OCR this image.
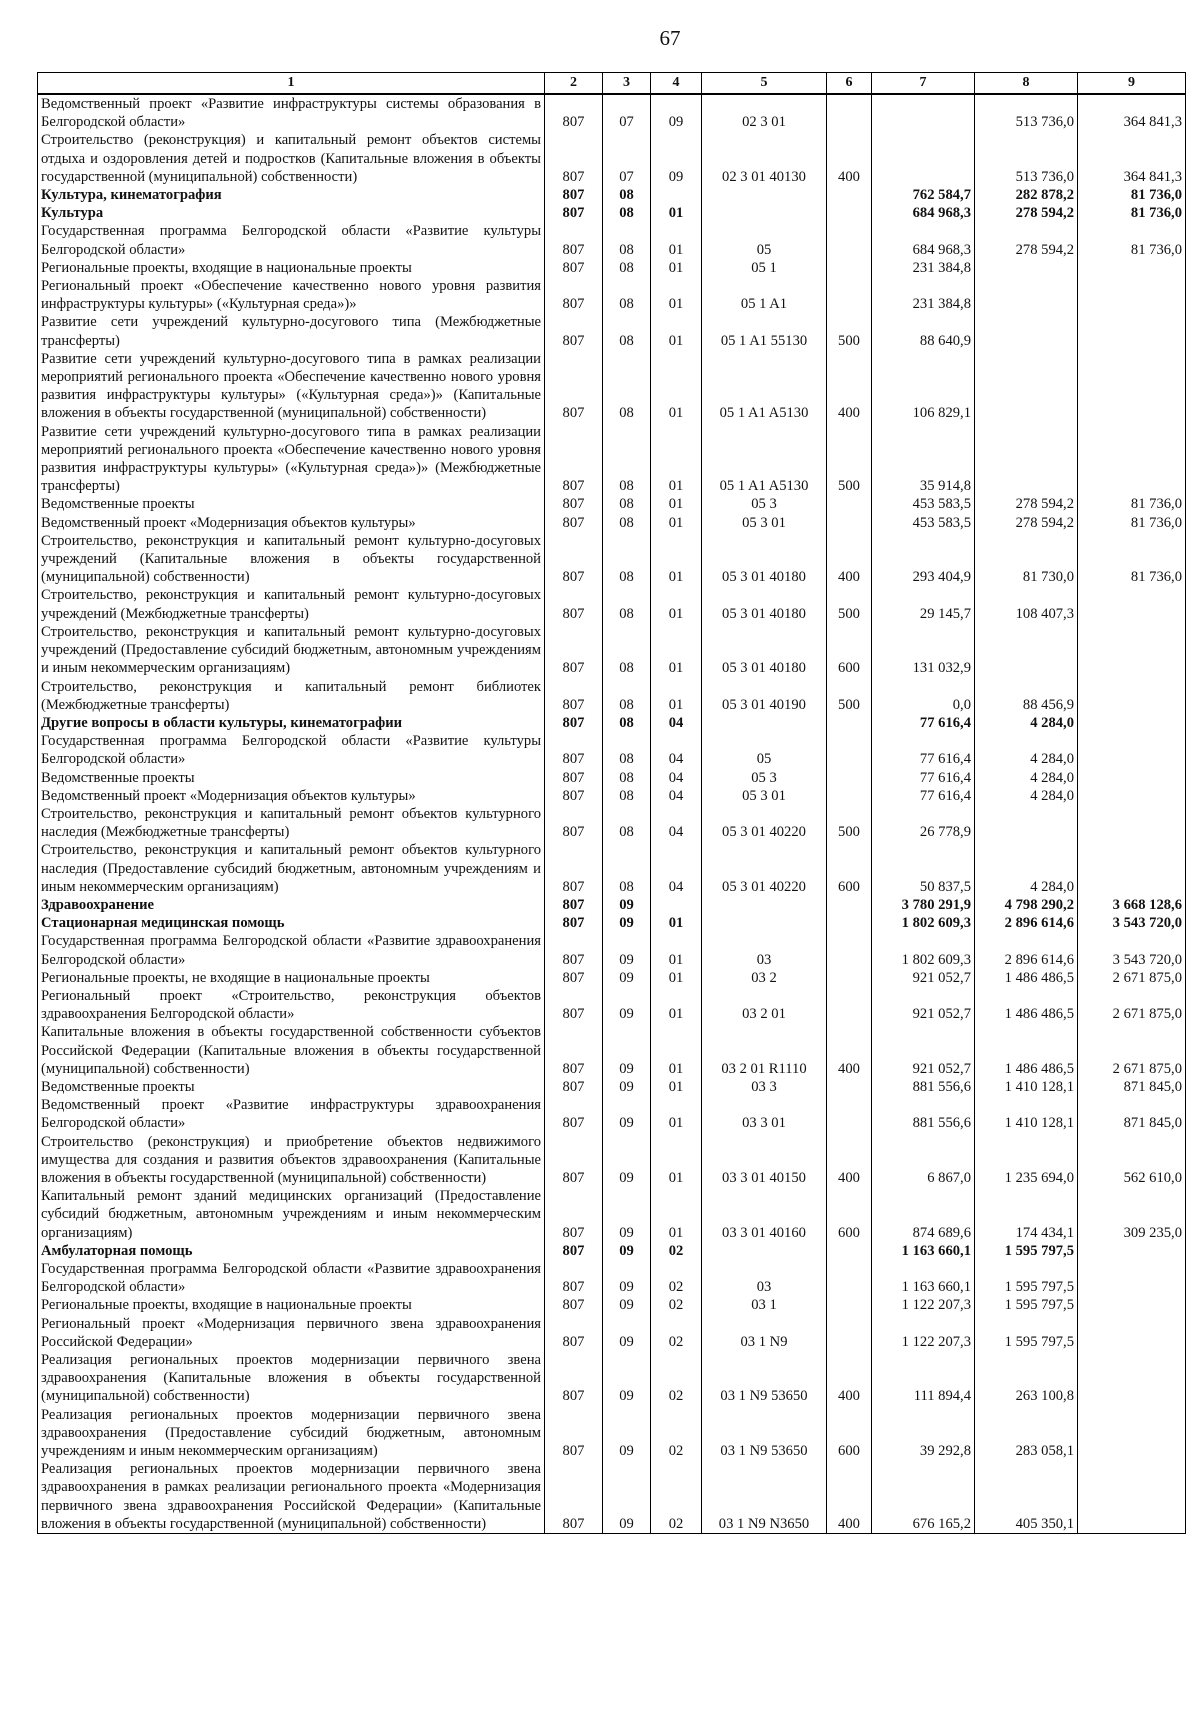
67
1	2	3	4	5	6	7	8	9
Ведомственный проект «Развитие инфраструктуры системы образования в Белгородской области»	807	07	09	02 3 01			513 736,0	364 841,3
Строительство (реконструкция) и капитальный ремонт объектов системы отдыха и оздоровления детей и подростков (Капитальные вложения в объекты государственной (муниципальной) собственности)	807	07	09	02 3 01 40130	400		513 736,0	364 841,3
Культура, кинематография	807	08				762 584,7	282 878,2	81 736,0
Культура	807	08	01			684 968,3	278 594,2	81 736,0
Государственная программа Белгородской области «Развитие культуры Белгородской области»	807	08	01	05		684 968,3	278 594,2	81 736,0
Региональные проекты, входящие в национальные проекты	807	08	01	05 1		231 384,8		
Региональный проект «Обеспечение качественно нового уровня развития инфраструктуры культуры» («Культурная среда»)»	807	08	01	05 1 A1		231 384,8		
Развитие сети учреждений культурно-досугового типа (Межбюджетные трансферты)	807	08	01	05 1 A1 55130	500	88 640,9		
Развитие сети учреждений культурно-досугового типа в рамках реализации мероприятий регионального проекта «Обеспечение качественно нового уровня развития инфраструктуры культуры» («Культурная среда»)» (Капитальные вложения в объекты государственной (муниципальной) собственности)	807	08	01	05 1 A1 A5130	400	106 829,1		
Развитие сети учреждений культурно-досугового типа в рамках реализации мероприятий регионального проекта «Обеспечение качественно нового уровня развития инфраструктуры культуры» («Культурная среда»)» (Межбюджетные трансферты)	807	08	01	05 1 A1 A5130	500	35 914,8		
Ведомственные проекты	807	08	01	05 3		453 583,5	278 594,2	81 736,0
Ведомственный проект «Модернизация объектов культуры»	807	08	01	05 3 01		453 583,5	278 594,2	81 736,0
Строительство, реконструкция и капитальный ремонт культурно-досуговых учреждений (Капитальные вложения в объекты государственной (муниципальной) собственности)	807	08	01	05 3 01 40180	400	293 404,9	81 730,0	81 736,0
Строительство, реконструкция и капитальный ремонт культурно-досуговых учреждений (Межбюджетные трансферты)	807	08	01	05 3 01 40180	500	29 145,7	108 407,3	
Строительство, реконструкция и капитальный ремонт культурно-досуговых учреждений (Предоставление субсидий бюджетным, автономным учреждениям и иным некоммерческим организациям)	807	08	01	05 3 01 40180	600	131 032,9		
Строительство, реконструкция и капитальный ремонт библиотек (Межбюджетные трансферты)	807	08	01	05 3 01 40190	500	0,0	88 456,9	
Другие вопросы в области культуры, кинематографии	807	08	04			77 616,4	4 284,0	
Государственная программа Белгородской области «Развитие культуры Белгородской области»	807	08	04	05		77 616,4	4 284,0	
Ведомственные проекты	807	08	04	05 3		77 616,4	4 284,0	
Ведомственный проект «Модернизация объектов культуры»	807	08	04	05 3 01		77 616,4	4 284,0	
Строительство, реконструкция и капитальный ремонт объектов культурного наследия (Межбюджетные трансферты)	807	08	04	05 3 01 40220	500	26 778,9		
Строительство, реконструкция и капитальный ремонт объектов культурного наследия (Предоставление субсидий бюджетным, автономным учреждениям и иным некоммерческим организациям)	807	08	04	05 3 01 40220	600	50 837,5	4 284,0	
Здравоохранение	807	09				3 780 291,9	4 798 290,2	3 668 128,6
Стационарная медицинская помощь	807	09	01			1 802 609,3	2 896 614,6	3 543 720,0
Государственная программа Белгородской области «Развитие здравоохранения Белгородской области»	807	09	01	03		1 802 609,3	2 896 614,6	3 543 720,0
Региональные проекты, не входящие в национальные проекты	807	09	01	03 2		921 052,7	1 486 486,5	2 671 875,0
Региональный проект «Строительство, реконструкция объектов здравоохранения Белгородской области»	807	09	01	03 2 01		921 052,7	1 486 486,5	2 671 875,0
Капитальные вложения в объекты государственной собственности субъектов Российской Федерации (Капитальные вложения в объекты государственной (муниципальной) собственности)	807	09	01	03 2 01 R1110	400	921 052,7	1 486 486,5	2 671 875,0
Ведомственные проекты	807	09	01	03 3		881 556,6	1 410 128,1	871 845,0
Ведомственный проект «Развитие инфраструктуры здравоохранения Белгородской области»	807	09	01	03 3 01		881 556,6	1 410 128,1	871 845,0
Строительство (реконструкция) и приобретение объектов недвижимого имущества для создания и развития объектов здравоохранения (Капитальные вложения в объекты государственной (муниципальной) собственности)	807	09	01	03 3 01 40150	400	6 867,0	1 235 694,0	562 610,0
Капитальный ремонт зданий медицинских организаций (Предоставление субсидий бюджетным, автономным учреждениям и иным некоммерческим организациям)	807	09	01	03 3 01 40160	600	874 689,6	174 434,1	309 235,0
Амбулаторная помощь	807	09	02			1 163 660,1	1 595 797,5	
Государственная программа Белгородской области «Развитие здравоохранения Белгородской области»	807	09	02	03		1 163 660,1	1 595 797,5	
Региональные проекты, входящие в национальные проекты	807	09	02	03 1		1 122 207,3	1 595 797,5	
Региональный проект «Модернизация первичного звена здравоохранения Российской Федерации»	807	09	02	03 1 N9		1 122 207,3	1 595 797,5	
Реализация региональных проектов модернизации первичного звена здравоохранения (Капитальные вложения в объекты государственной (муниципальной) собственности)	807	09	02	03 1 N9 53650	400	111 894,4	263 100,8	
Реализация региональных проектов модернизации первичного звена здравоохранения (Предоставление субсидий бюджетным, автономным учреждениям и иным некоммерческим организациям)	807	09	02	03 1 N9 53650	600	39 292,8	283 058,1	
Реализация региональных проектов модернизации первичного звена здравоохранения в рамках реализации регионального проекта «Модернизация первичного звена здравоохранения Российской Федерации» (Капитальные вложения в объекты государственной (муниципальной) собственности)	807	09	02	03 1 N9 N3650	400	676 165,2	405 350,1	
